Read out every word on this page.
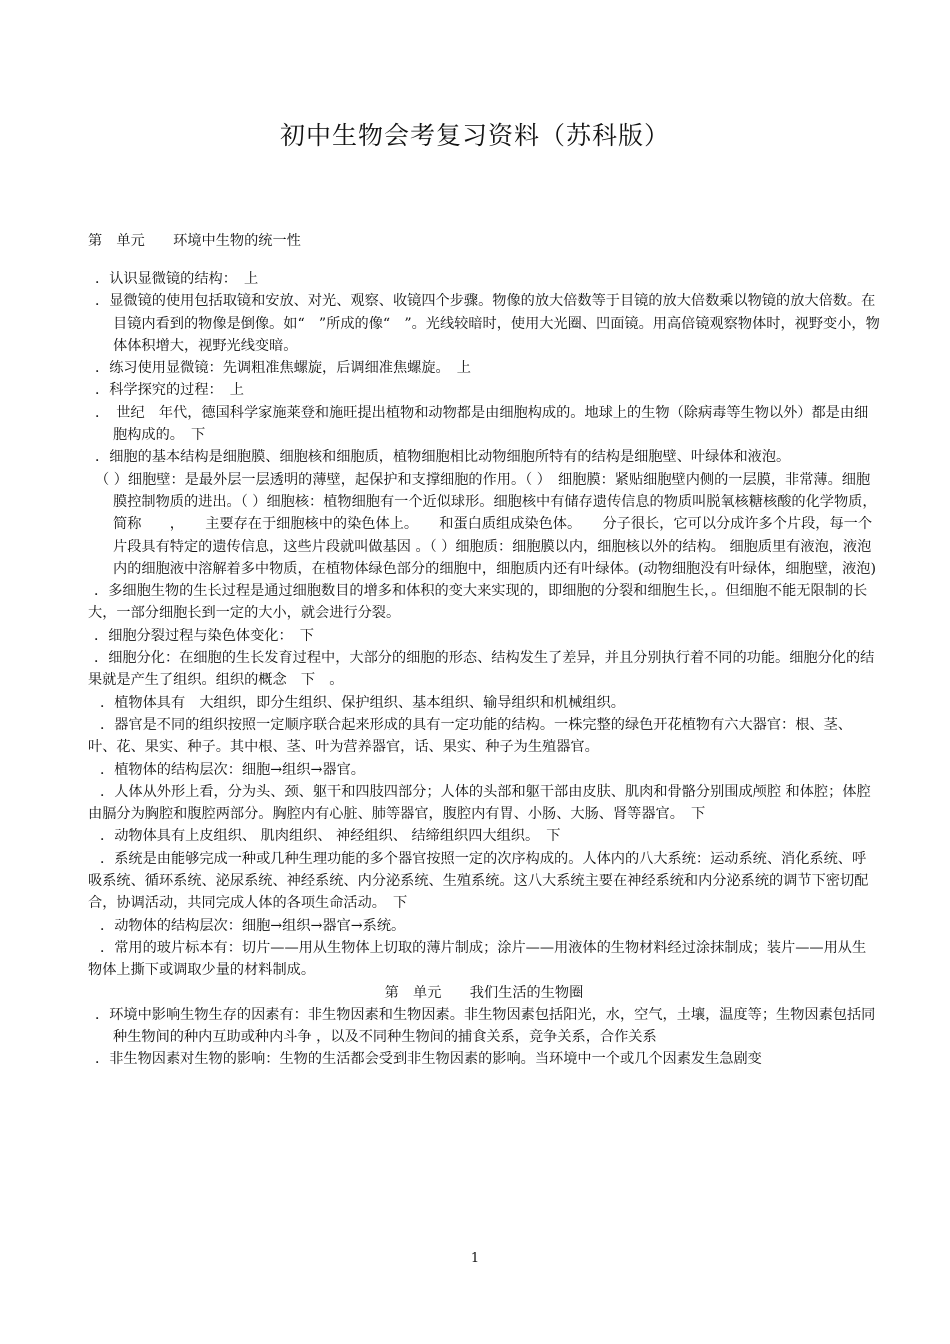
初中生物会考复习资料（苏科版）
第　单元　　环境中生物的统一性
．认识显微镜的结构：　上
．显微镜的使用包括取镜和安放、对光、观察、收镜四个步骤。物像的放大倍数等于目镜的放大倍数乘以物镜的放大倍数。在目镜内看到的物像是倒像。如“　”所成的像“　”。光线较暗时，使用大光圈、凹面镜。用高倍镜观察物体时，视野变小，物体体积增大，视野光线变暗。
．练习使用显微镜：先调粗准焦螺旋，后调细准焦螺旋。　上
．科学探究的过程：　上
．　世纪　年代，德国科学家施莱登和施旺提出植物和动物都是由细胞构成的。地球上的生物（除病毒等生物以外）都是由细胞构成的。　下
．细胞的基本结构是细胞膜、细胞核和细胞质，植物细胞相比动物细胞所特有的结构是细胞壁、叶绿体和液泡。
（ ）细胞壁：是最外层一层透明的薄壁，起保护和支撑细胞的作用。（ ）　细胞膜：紧贴细胞壁内侧的一层膜，非常薄。细胞膜控制物质的进出。（ ）细胞核：植物细胞有一个近似球形。细胞核中有储存遗传信息的物质叫脱氧核糖核酸的化学物质，简称　　，　　主要存在于细胞核中的染色体上。　　和蛋白质组成染色体。　　分子很长，它可以分成许多个片段，每一个片段具有特定的遗传信息，这些片段就叫做基因 。（ ）细胞质：细胞膜以内，细胞核以外的结构。 细胞质里有液泡，液泡内的细胞液中溶解着多中物质，在植物体绿色部分的细胞中，细胞质内还有叶绿体。(动物细胞没有叶绿体，细胞壁，液泡)
．多细胞生物的生长过程是通过细胞数目的增多和体积的变大来实现的，即细胞的分裂和细胞生长，。但细胞不能无限制的长大，一部分细胞长到一定的大小，就会进行分裂。
．细胞分裂过程与染色体变化：　下
．细胞分化：在细胞的生长发育过程中，大部分的细胞的形态、结构发生了差异，并且分别执行着不同的功能。细胞分化的结果就是产生了组织。组织的概念　下　。
．植物体具有　大组织，即分生组织、保护组织、基本组织、输导组织和机械组织。
．器官是不同的组织按照一定顺序联合起来形成的具有一定功能的结构。一株完整的绿色开花植物有六大器官：根、茎、叶、花、果实、种子。其中根、茎、叶为营养器官，话、果实、种子为生殖器官。
．植物体的结构层次：细胞→组织→器官。
．人体从外形上看，分为头、颈、躯干和四肢四部分；人体的头部和躯干部由皮肤、肌肉和骨骼分别围成颅腔 和体腔；体腔由膈分为胸腔和腹腔两部分。胸腔内有心脏、肺等器官，腹腔内有胃、小肠、大肠、肾等器官。　下
．动物体具有上皮组织、 肌肉组织、 神经组织、 结缔组织四大组织。　下
．系统是由能够完成一种或几种生理功能的多个器官按照一定的次序构成的。人体内的八大系统：运动系统、消化系统、呼吸系统、循环系统、泌尿系统、神经系统、内分泌系统、生殖系统。这八大系统主要在神经系统和内分泌系统的调节下密切配合，协调活动，共同完成人体的各项生命活动。　下
．动物体的结构层次：细胞→组织→器官→系统。
．常用的玻片标本有：切片——用从生物体上切取的薄片制成；涂片——用液体的生物材料经过涂抹制成；装片——用从生物体上撕下或调取少量的材料制成。
第　单元　　我们生活的生物圈
．环境中影响生物生存的因素有：非生物因素和生物因素。非生物因素包括阳光，水，空气，土壤，温度等；生物因素包括同种生物间的种内互助或种内斗争 ，以及不同种生物间的捕食关系，竞争关系，合作关系
．非生物因素对生物的影响：生物的生活都会受到非生物因素的影响。当环境中一个或几个因素发生急剧变
1
